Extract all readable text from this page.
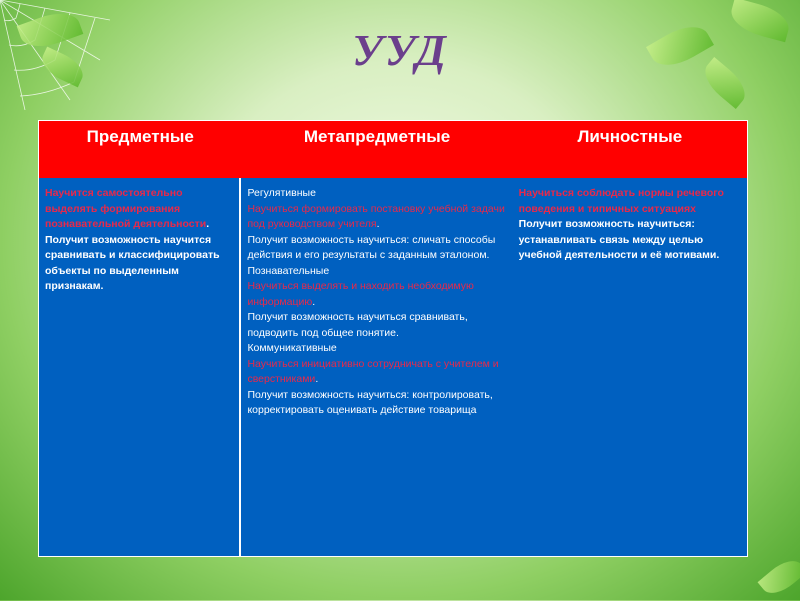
УУД
Предметные	Метапредметные	Личностные
Научится самостоятельно выделять формирования познавательной деятельности. Получит возможность научится сравнивать и классифицировать объекты по выделенным признакам.

Регулятивные

Научиться формировать постановку учебной задачи под руководством учителя.

Получит возможность научиться: сличать способы действия и его результаты с заданным эталоном.

Познавательные

Научиться выделять и находить необходимую информацию.

Получит возможность научиться сравнивать, подводить под общее понятие.

Коммуникативные

Научиться инициативно сотрудничать с учителем и сверстниками.

Получит возможность научиться: контролировать, корректировать оценивать действие товарища

Научиться соблюдать нормы речевого поведения и типичных ситуациях

Получит возможность научиться: устанавливать связь между целью учебной деятельности и её мотивами.
